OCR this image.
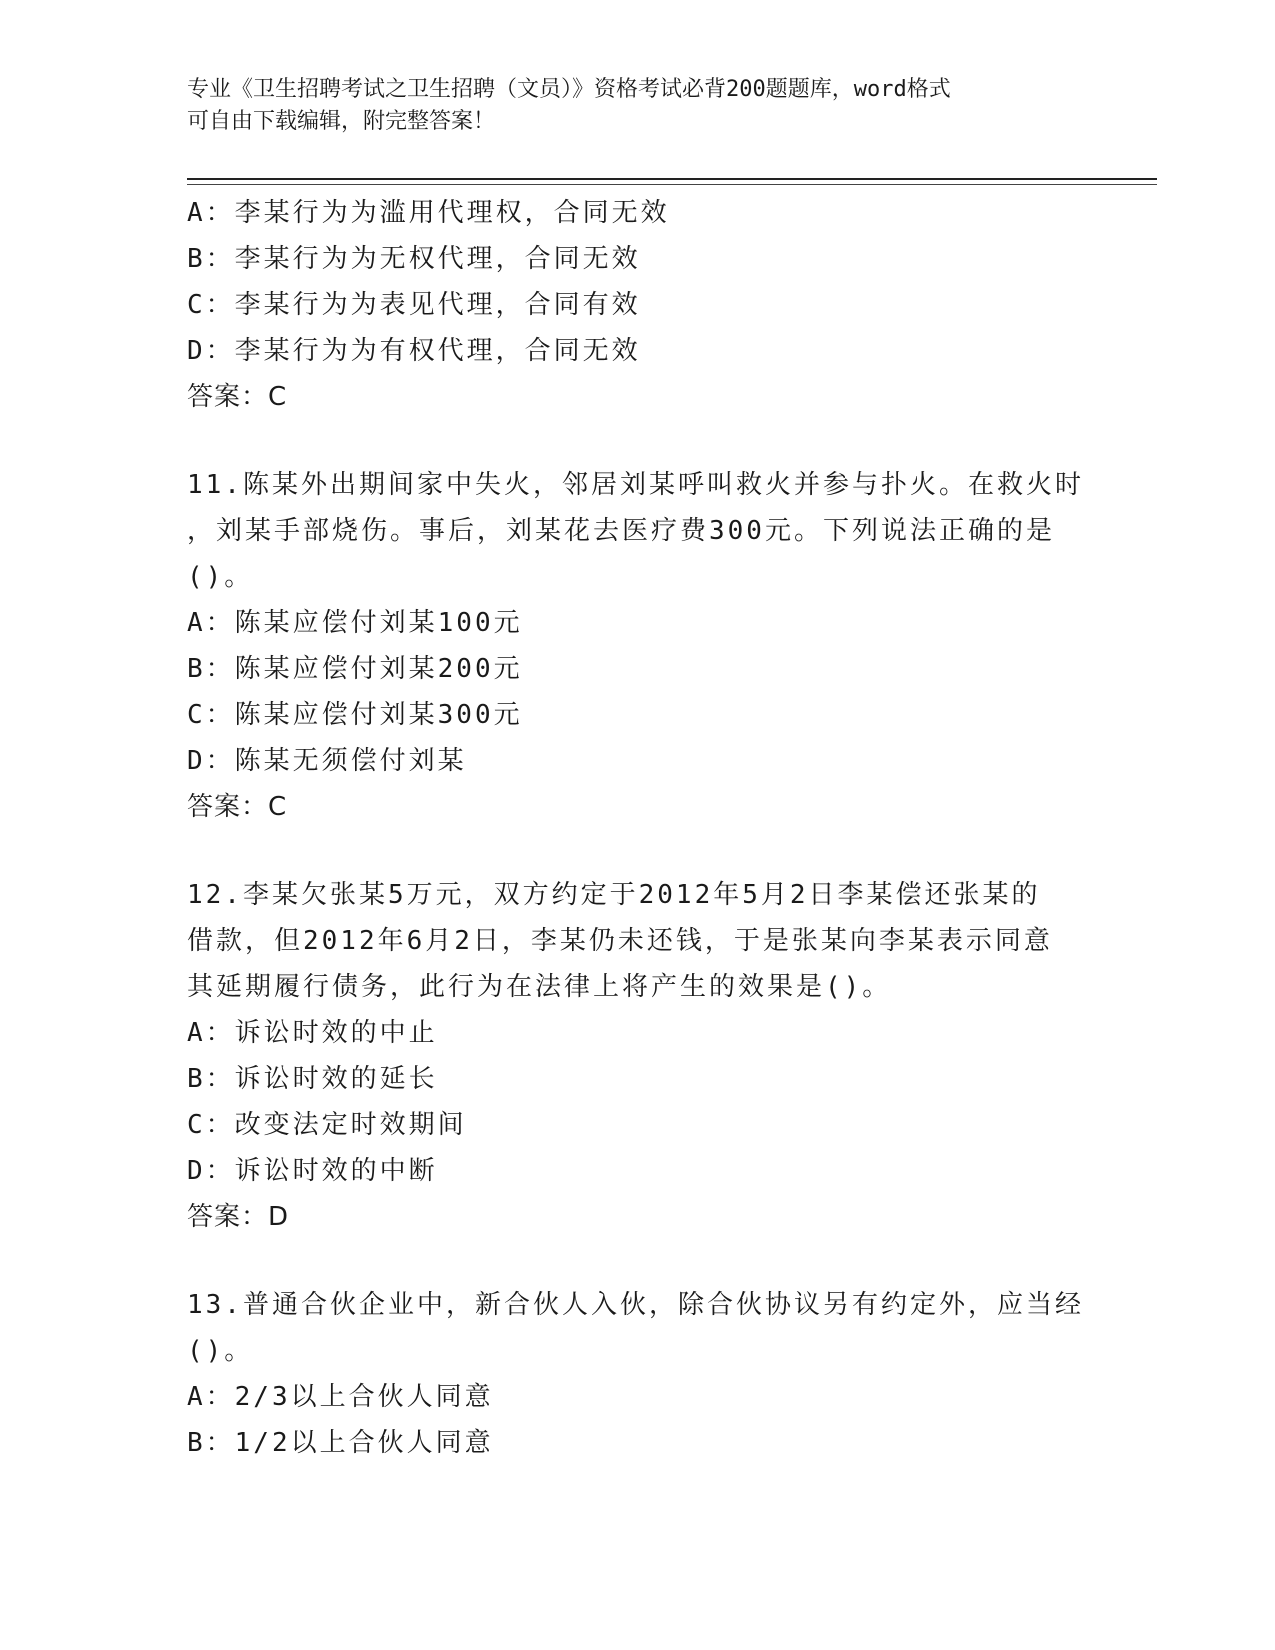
专业《卫生招聘考试之卫生招聘（文员）》资格考试必背200题题库，word格式
可自由下载编辑，附完整答案！
A：李某行为为滥用代理权，合同无效
B：李某行为为无权代理，合同无效
C：李某行为为表见代理，合同有效
D：李某行为为有权代理，合同无效
答案：C
11.陈某外出期间家中失火，邻居刘某呼叫救火并参与扑火。在救火时
，刘某手部烧伤。事后，刘某花去医疗费300元。下列说法正确的是
()。
A：陈某应偿付刘某100元
B：陈某应偿付刘某200元
C：陈某应偿付刘某300元
D：陈某无须偿付刘某
答案：C
12.李某欠张某5万元，双方约定于2012年5月2日李某偿还张某的
借款，但2012年6月2日，李某仍未还钱，于是张某向李某表示同意
其延期履行债务，此行为在法律上将产生的效果是()。
A：诉讼时效的中止
B：诉讼时效的延长
C：改变法定时效期间
D：诉讼时效的中断
答案：D
13.普通合伙企业中，新合伙人入伙，除合伙协议另有约定外，应当经
()。
A：2/3以上合伙人同意
B：1/2以上合伙人同意
